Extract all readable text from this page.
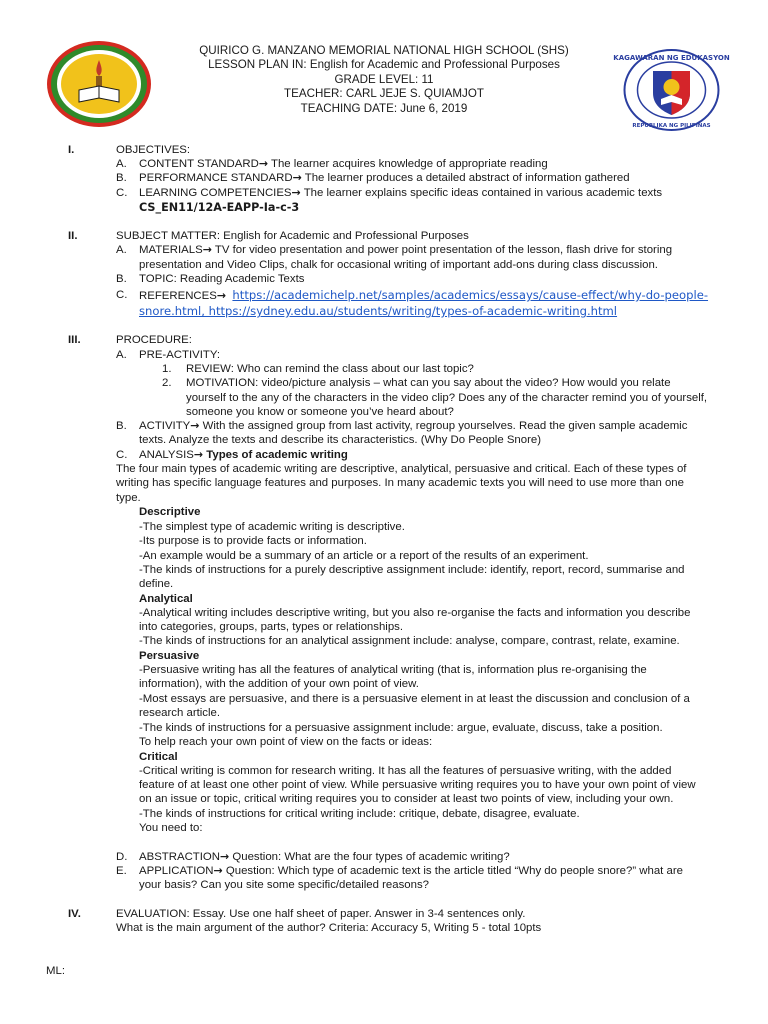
KAGAWARAN NG EDUKASYON
REPUBLIKA NG PILIPINAS
QUIRICO G. MANZANO MEMORIAL NATIONAL HIGH SCHOOL (SHS)
LESSON PLAN IN: English for Academic and Professional Purposes
GRADE LEVEL: 11
TEACHER: CARL JEJE S. QUIAMJOT
TEACHING DATE: June 6, 2019
I.	OBJECTIVES:
A. CONTENT STANDARD→ The learner acquires knowledge of appropriate reading
B. PERFORMANCE STANDARD→ The learner produces a detailed abstract of information gathered
C. LEARNING COMPETENCIES→ The learner explains specific ideas contained in various academic texts
CS_EN11/12A-EAPP-Ia-c-3
II.	SUBJECT MATTER: English for Academic and Professional Purposes
A. MATERIALS→ TV for video presentation and power point presentation of the lesson, flash drive for storing
presentation and Video Clips, chalk for occasional writing of important add-ons during class discussion.
B. TOPIC: Reading Academic Texts
C. REFERENCES→ https://academichelp.net/samples/academics/essays/cause-effect/why-do-people-
snore.html, https://sydney.edu.au/students/writing/types-of-academic-writing.html
III.	PROCEDURE:
A. PRE-ACTIVITY:
1. REVIEW: Who can remind the class about our last topic?
2. MOTIVATION: video/picture analysis – what can you say about the video? How would you relate
yourself to the any of the characters in the video clip? Does any of the character remind you of yourself,
someone you know or someone you’ve heard about?
B. ACTIVITY→ With the assigned group from last activity, regroup yourselves. Read the given sample academic
texts. Analyze the texts and describe its characteristics. (Why Do People Snore)
C. ANALYSIS→ Types of academic writing
The four main types of academic writing are descriptive, analytical, persuasive and critical. Each of these types of
writing has specific language features and purposes. In many academic texts you will need to use more than one
type.
Descriptive
-The simplest type of academic writing is descriptive.
-Its purpose is to provide facts or information.
-An example would be a summary of an article or a report of the results of an experiment.
-The kinds of instructions for a purely descriptive assignment include: identify, report, record, summarise and
define.
Analytical
-Analytical writing includes descriptive writing, but you also re-organise the facts and information you describe
into categories, groups, parts, types or relationships.
-The kinds of instructions for an analytical assignment include: analyse, compare, contrast, relate, examine.
Persuasive
-Persuasive writing has all the features of analytical writing (that is, information plus re-organising the
information), with the addition of your own point of view.
-Most essays are persuasive, and there is a persuasive element in at least the discussion and conclusion of a
research article.
-The kinds of instructions for a persuasive assignment include: argue, evaluate, discuss, take a position.
To help reach your own point of view on the facts or ideas:
Critical
-Critical writing is common for research writing. It has all the features of persuasive writing, with the added
feature of at least one other point of view. While persuasive writing requires you to have your own point of view
on an issue or topic, critical writing requires you to consider at least two points of view, including your own.
-The kinds of instructions for critical writing include: critique, debate, disagree, evaluate.
You need to:
D. ABSTRACTION→ Question: What are the four types of academic writing?
E. APPLICATION→ Question: Which type of academic text is the article titled “Why do people snore?” what are
your basis? Can you site some specific/detailed reasons?
IV.	EVALUATION: Essay. Use one half sheet of paper. Answer in 3-4 sentences only.
What is the main argument of the author? Criteria: Accuracy 5, Writing 5 - total 10pts
ML:
